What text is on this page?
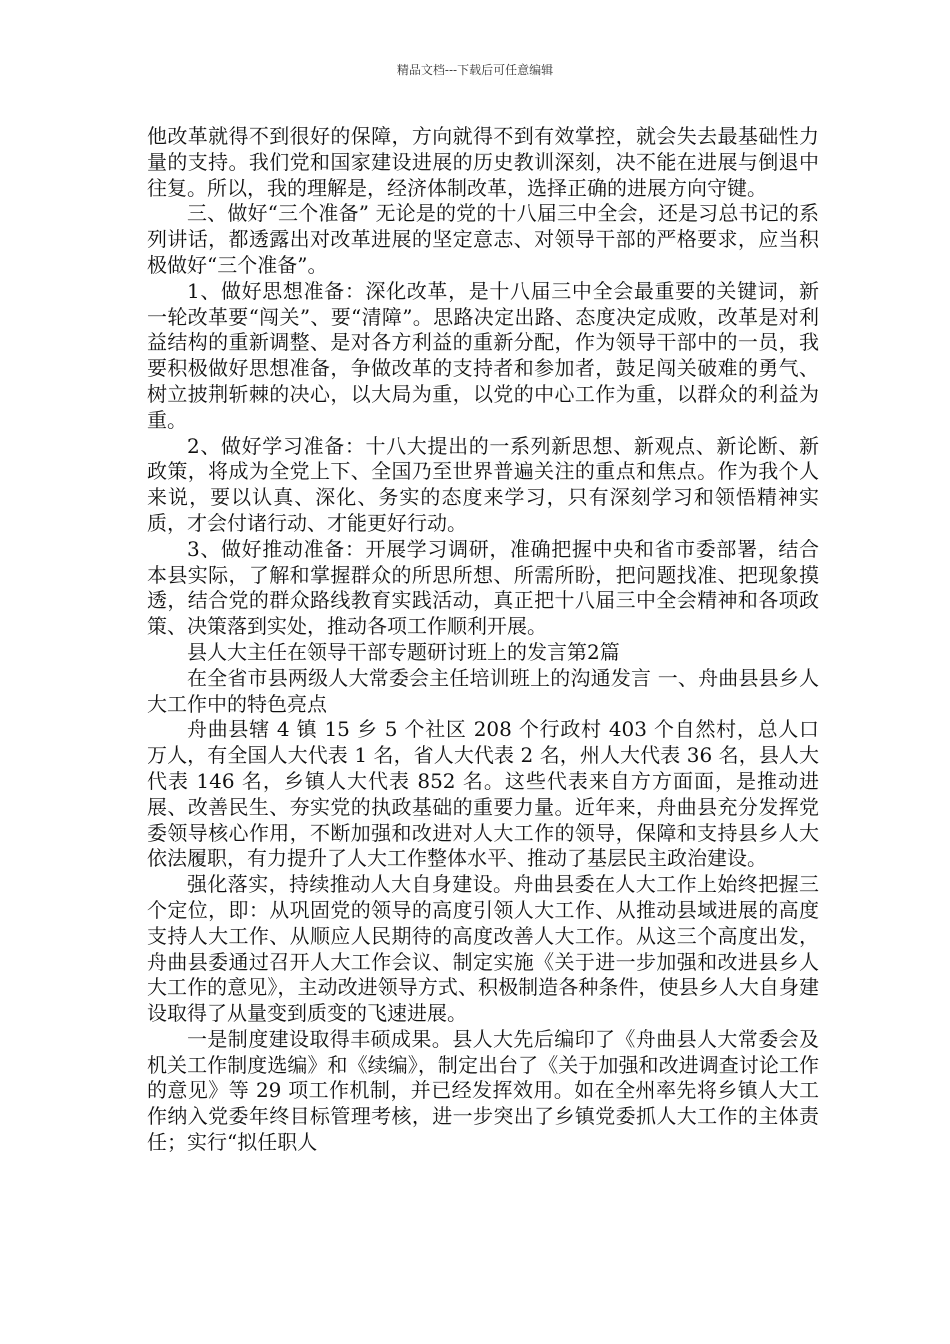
精品文档---下载后可任意编辑

他改革就得不到很好的保障，方向就得不到有效掌控，就会失去最基础性力量的支持。我们党和国家建设进展的历史教训深刻，决不能在进展与倒退中往复。所以，我的理解是，经济体制改革，选择正确的进展方向守键。

三、做好“三个准备” 无论是的党的十八届三中全会，还是习总书记的系列讲话，都透露出对改革进展的坚定意志、对领导干部的严格要求，应当积极做好“三个准备”。

1、做好思想准备：深化改革，是十八届三中全会最重要的关键词，新一轮改革要“闯关”、要“清障”。思路决定出路、态度决定成败，改革是对利益结构的重新调整、是对各方利益的重新分配，作为领导干部中的一员，我要积极做好思想准备，争做改革的支持者和参加者，鼓足闯关破难的勇气、树立披荆斩棘的决心，以大局为重，以党的中心工作为重，以群众的利益为重。

2、做好学习准备：十八大提出的一系列新思想、新观点、新论断、新政策，将成为全党上下、全国乃至世界普遍关注的重点和焦点。作为我个人来说，要以认真、深化、务实的态度来学习，只有深刻学习和领悟精神实质，才会付诸行动、才能更好行动。

3、做好推动准备：开展学习调研，准确把握中央和省市委部署，结合本县实际，了解和掌握群众的所思所想、所需所盼，把问题找准、把现象摸透，结合党的群众路线教育实践活动，真正把十八届三中全会精神和各项政策、决策落到实处，推动各项工作顺利开展。

县人大主任在领导干部专题研讨班上的发言第2篇

在全省市县两级人大常委会主任培训班上的沟通发言 一、舟曲县县乡人大工作中的特色亮点

舟曲县辖 4 镇 15 乡 5 个社区 208 个行政村 403 个自然村，总人口　万人，有全国人大代表 1 名，省人大代表 2 名，州人大代表 36 名，县人大代表 146 名，乡镇人大代表 852 名。这些代表来自方方面面，是推动进展、改善民生、夯实党的执政基础的重要力量。近年来，舟曲县充分发挥党委领导核心作用，不断加强和改进对人大工作的领导，保障和支持县乡人大依法履职，有力提升了人大工作整体水平、推动了基层民主政治建设。

强化落实，持续推动人大自身建设。舟曲县委在人大工作上始终把握三个定位，即：从巩固党的领导的高度引领人大工作、从推动县域进展的高度支持人大工作、从顺应人民期待的高度改善人大工作。从这三个高度出发，舟曲县委通过召开人大工作会议、制定实施《关于进一步加强和改进县乡人大工作的意见》，主动改进领导方式、积极制造各种条件，使县乡人大自身建设取得了从量变到质变的飞速进展。

一是制度建设取得丰硕成果。县人大先后编印了《舟曲县人大常委会及机关工作制度选编》和《续编》，制定出台了《关于加强和改进调查讨论工作的意见》等 29 项工作机制，并已经发挥效用。如在全州率先将乡镇人大工作纳入党委年终目标管理考核，进一步突出了乡镇党委抓人大工作的主体责任；实行“拟任职人
